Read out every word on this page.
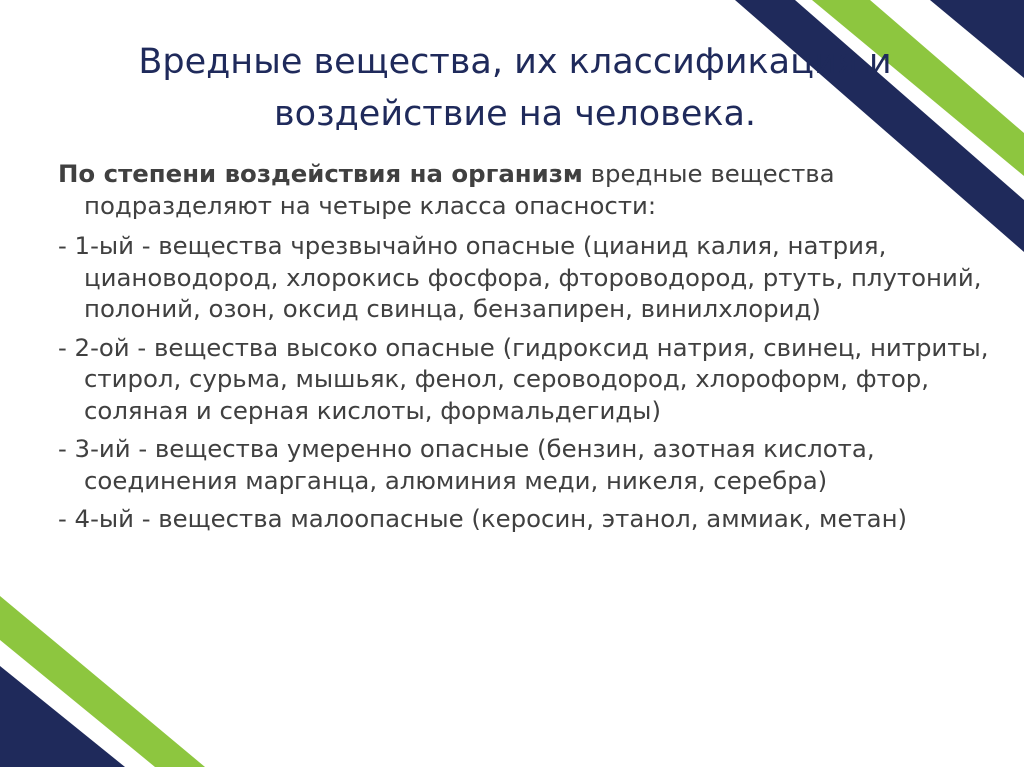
Вредные вещества, их классификация и
воздействие на человека.

По степени воздействия на организм вредные вещества подразделяют на четыре класса опасности:

- 1-ый - вещества чрезвычайно опасные (цианид калия, натрия, циановодород, хлорокись фосфора, фтороводород, ртуть, плутоний, полоний, озон, оксид свинца, бензапирен, винилхлорид)

- 2-ой - вещества высоко опасные (гидроксид натрия, свинец, нитриты, стирол, сурьма, мышьяк, фенол, сероводород, хлороформ, фтор, соляная и серная кислоты, формальдегиды)

- 3-ий - вещества умеренно опасные (бензин, азотная кислота, соединения марганца, алюминия меди, никеля, серебра)

- 4-ый - вещества малоопасные (керосин, этанол, аммиак, метан)
